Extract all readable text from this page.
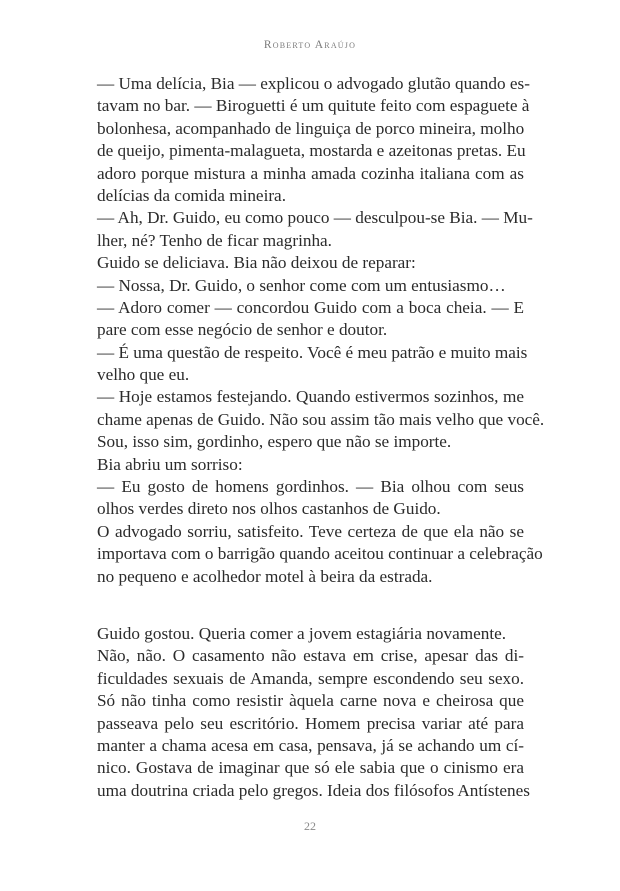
Roberto Araújo
— Uma delícia, Bia — explicou o advogado glutão quando es-
tavam no bar. — Biroguetti é um quitute feito com espaguete à
bolonhesa, acompanhado de linguiça de porco mineira, molho
de queijo, pimenta-malagueta, mostarda e azeitonas pretas. Eu
adoro porque mistura a minha amada cozinha italiana com as
delícias da comida mineira.
— Ah, Dr. Guido, eu como pouco — desculpou-se Bia. — Mu-
lher, né? Tenho de ficar magrinha.
Guido se deliciava. Bia não deixou de reparar:
— Nossa, Dr. Guido, o senhor come com um entusiasmo…
— Adoro comer — concordou Guido com a boca cheia. — E
pare com esse negócio de senhor e doutor.
— É uma questão de respeito. Você é meu patrão e muito mais
velho que eu.
— Hoje estamos festejando. Quando estivermos sozinhos, me
chame apenas de Guido. Não sou assim tão mais velho que você.
Sou, isso sim, gordinho, espero que não se importe.
Bia abriu um sorriso:
— Eu gosto de homens gordinhos. — Bia olhou com seus
olhos verdes direto nos olhos castanhos de Guido.
O advogado sorriu, satisfeito. Teve certeza de que ela não se
importava com o barrigão quando aceitou continuar a celebração
no pequeno e acolhedor motel à beira da estrada.
Guido gostou. Queria comer a jovem estagiária novamente.
Não, não. O casamento não estava em crise, apesar das di-
ficuldades sexuais de Amanda, sempre escondendo seu sexo.
Só não tinha como resistir àquela carne nova e cheirosa que
passeava pelo seu escritório. Homem precisa variar até para
manter a chama acesa em casa, pensava, já se achando um cí-
nico. Gostava de imaginar que só ele sabia que o cinismo era
uma doutrina criada pelo gregos. Ideia dos filósofos Antístenes
22
